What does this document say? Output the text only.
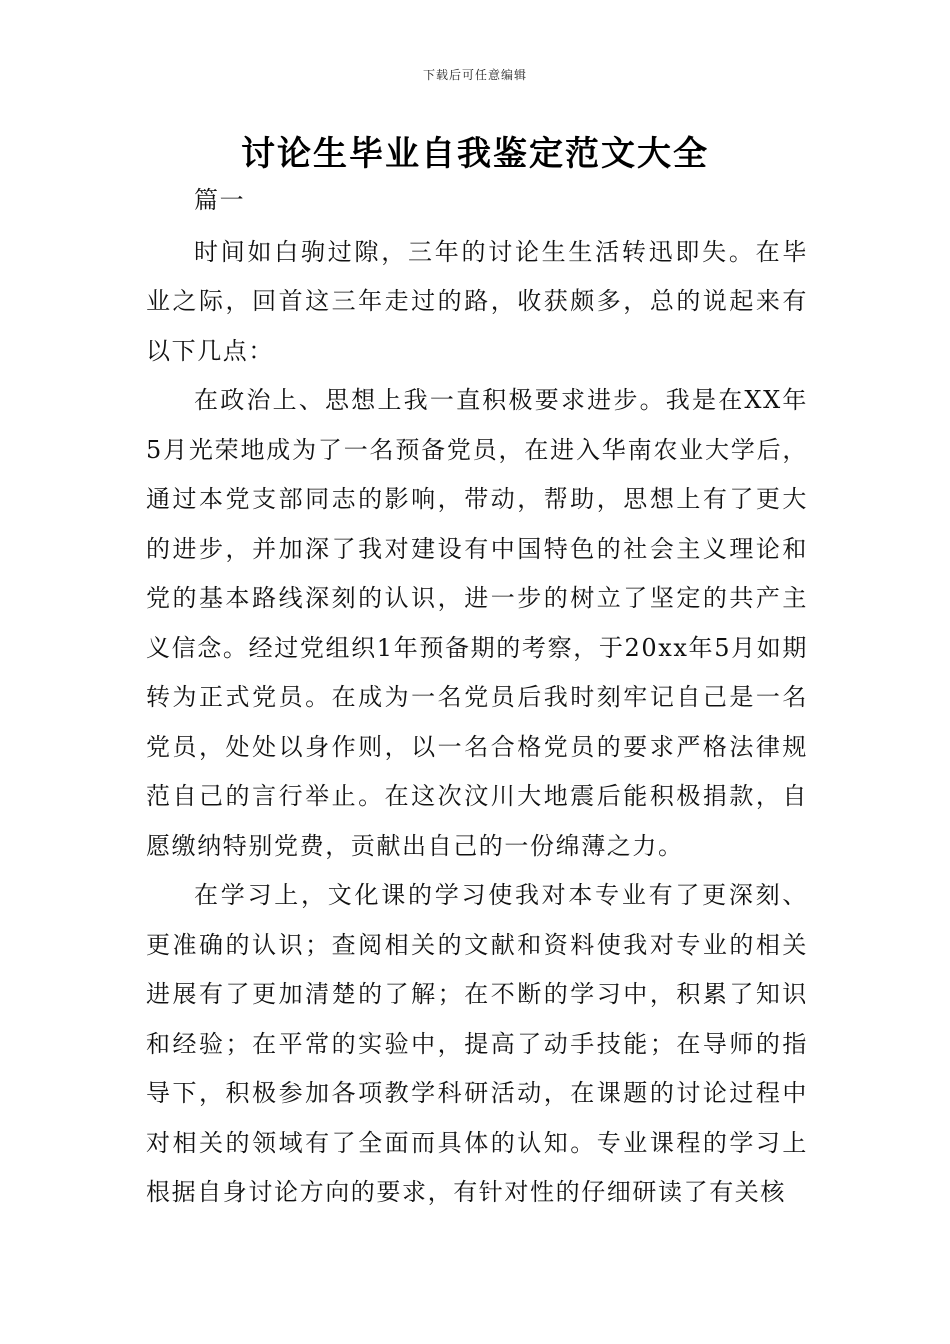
下载后可任意编辑
讨论生毕业自我鉴定范文大全

篇一

时间如白驹过隙，三年的讨论生生活转迅即失。在毕业之际，回首这三年走过的路，收获颇多，总的说起来有以下几点：

在政治上、思想上我一直积极要求进步。我是在XX年5月光荣地成为了一名预备党员，在进入华南农业大学后，通过本党支部同志的影响，带动，帮助，思想上有了更大的进步，并加深了我对建设有中国特色的社会主义理论和党的基本路线深刻的认识，进一步的树立了坚定的共产主义信念。经过党组织1年预备期的考察，于20xx年5月如期转为正式党员。在成为一名党员后我时刻牢记自己是一名党员，处处以身作则，以一名合格党员的要求严格法律规范自己的言行举止。在这次汶川大地震后能积极捐款，自愿缴纳特别党费，贡献出自己的一份绵薄之力。

在学习上，文化课的学习使我对本专业有了更深刻、更准确的认识；查阅相关的文献和资料使我对专业的相关进展有了更加清楚的了解；在不断的学习中，积累了知识和经验；在平常的实验中，提高了动手技能；在导师的指导下，积极参加各项教学科研活动，在课题的讨论过程中对相关的领域有了全面而具体的认知。专业课程的学习上根据自身讨论方向的要求，有针对性的仔细研读了有关核
